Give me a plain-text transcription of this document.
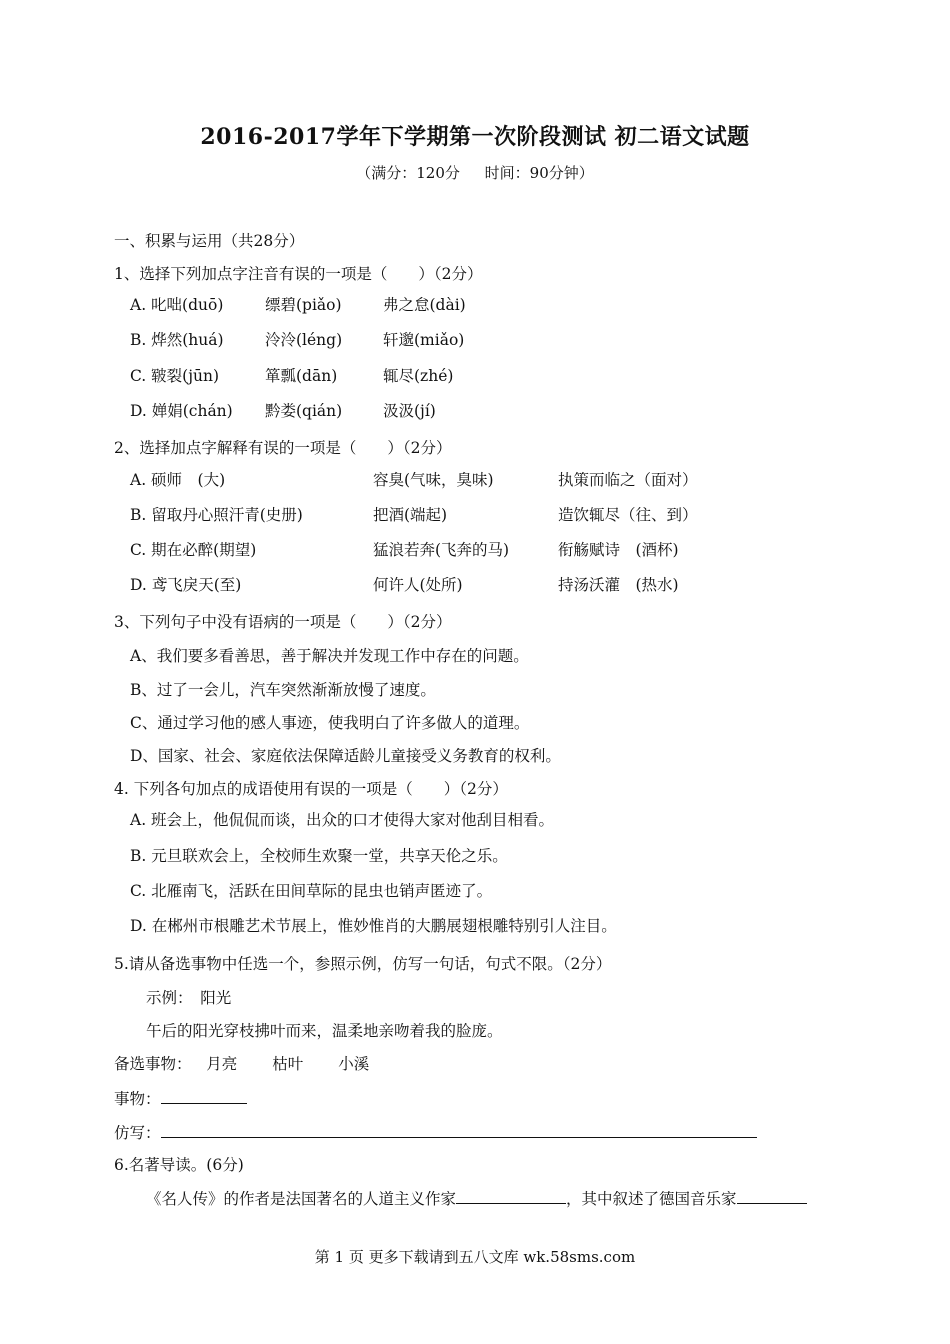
2016-2017学年下学期第一次阶段测试 初二语文试题
（满分：120分 时间：90分钟）
一、积累与运用（共28分）
1、选择下列加点字注音有误的一项是（　　）（2分）
A. 叱咄(duō)	缥碧(piǎo)	弗之怠(dài)
B. 烨然(huá)	泠泠(léng)	轩邈(miǎo)
C. 皲裂(jūn)	箪瓢(dān)	辄尽(zhé)
D. 婵娟(chán) 黔娄(qián)	汲汲(jí)
2、选择加点字解释有误的一项是（　　）（2分）
A. 硕师　(大)	容臭(气味，臭味)	执策而临之（面对）
B. 留取丹心照汗青(史册)	把酒(端起)	造饮辄尽（往、到）
C. 期在必醉(期望)	猛浪若奔(飞奔的马)	衔觞赋诗　(酒杯)
D. 鸢飞戾天(至)	何许人(处所)	持汤沃灌　(热水)
3、下列句子中没有语病的一项是（　　）（2分）
A、我们要多看善思，善于解决并发现工作中存在的问题。
B、过了一会儿，汽车突然渐渐放慢了速度。
C、通过学习他的感人事迹，使我明白了许多做人的道理。
D、国家、社会、家庭依法保障适龄儿童接受义务教育的权利。
4. 下列各句加点的成语使用有误的一项是（　　）（2分）
A. 班会上，他侃侃而谈，出众的口才使得大家对他刮目相看。
B. 元旦联欢会上，全校师生欢聚一堂，共享天伦之乐。
C. 北雁南飞，活跃在田间草际的昆虫也销声匿迹了。
D. 在郴州市根雕艺术节展上，惟妙惟肖的大鹏展翅根雕特别引人注目。
5.请从备选事物中任选一个，参照示例，仿写一句话，句式不限。（2分）
示例：　阳光
午后的阳光穿枝拂叶而来，温柔地亲吻着我的脸庞。
备选事物： 月亮 枯叶 小溪
事物：
仿写：
6.名著导读。(6分)
《名人传》的作者是法国著名的人道主义作家	，其中叙述了德国音乐家
第 1 页 更多下载请到五八文库 wk.58sms.com
